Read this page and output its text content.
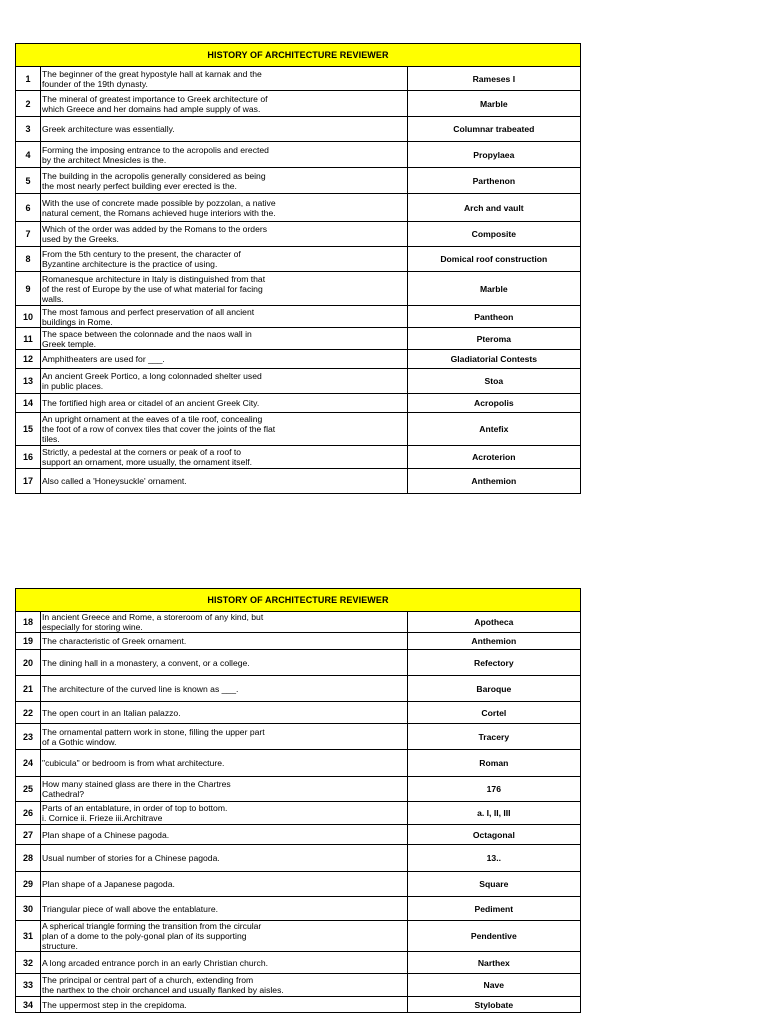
HISTORY OF ARCHITECTURE REVIEWER		
1	The beginner of the great hypostyle hall at karnak and the
founder of the 19th dynasty.	Rameses I
2	The mineral of greatest importance to Greek architecture of
which Greece and her domains had ample supply of was.	Marble
3	Greek architecture was essentially.	Columnar trabeated
4	Forming the imposing entrance to the acropolis and erected
by the architect Mnesicles is the.	Propylaea
5	The building in the acropolis generally considered as being
the most nearly perfect building ever erected is the.	Parthenon
6	With the use of concrete made possible by pozzolan, a native
natural cement, the Romans achieved huge interiors with the.	Arch and vault
7	Which of the order was added by the Romans to the orders
used by the Greeks.	Composite
8	From the 5th century to the present, the character of
Byzantine architecture is the practice of using.	Domical roof construction
9	Romanesque architecture in Italy is distinguished from that
of the rest of Europe by the use of what material for facing
walls.	Marble
10	The most famous and perfect preservation of all ancient
buildings in Rome.	Pantheon
11	The space between the colonnade and the naos wall in
Greek temple.	Pteroma
12	Amphitheaters are used for ___.	Gladiatorial Contests
13	An ancient Greek Portico, a long colonnaded shelter used
in public places.	Stoa
14	The fortified high area or citadel of an ancient Greek City.	Acropolis
15	An upright ornament at the eaves of a tile roof, concealing
the foot of a row of convex tiles that cover the joints of the flat
tiles.	Antefix
16	Strictly, a pedestal at the corners or peak of a roof to
support an ornament, more usually, the ornament itself.	Acroterion
17	Also called a 'Honeysuckle' ornament.	Anthemion
HISTORY OF ARCHITECTURE REVIEWER		
18	In ancient Greece and Rome, a storeroom of any kind, but
especially for storing wine.	Apotheca
19	The characteristic of Greek ornament.	Anthemion
20	The dining hall in a monastery, a convent, or a college.	Refectory
21	The architecture of the curved line is known as ___.	Baroque
22	The open court in an Italian palazzo.	Cortel
23	The ornamental pattern work in stone, filling the upper part
of a Gothic window.	Tracery
24	"cubicula" or bedroom is from what architecture.	Roman
25	How many stained glass are there in the Chartres
Cathedral?	176
26	Parts of an entablature, in order of top to bottom.
i. Cornice ii. Frieze iii.Architrave	a. I, II, III
27	Plan shape of a Chinese pagoda.	Octagonal
28	Usual number of stories for a Chinese pagoda.	13..
29	Plan shape of a Japanese pagoda.	Square
30	Triangular piece of wall above the entablature.	Pediment
31	A spherical triangle forming the transition from the circular
plan of a dome to the poly-gonal plan of its supporting
structure.	Pendentive
32	A long arcaded entrance porch in an early Christian church.	Narthex
33	The principal or central part of a church, extending from
the narthex to the choir orchancel and usually flanked by aisles.	Nave
34	The uppermost step in the crepidoma.	Stylobate
